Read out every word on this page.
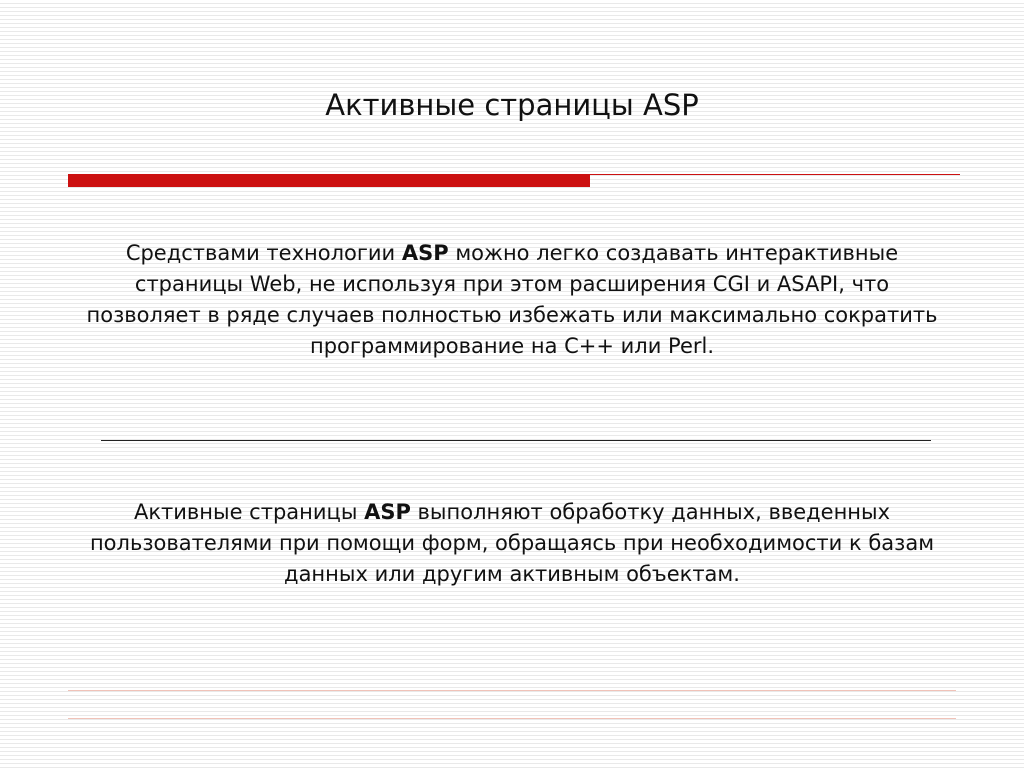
Активные страницы ASP

Средствами технологии ASP можно легко создавать интерактивные страницы Web, не используя при этом расширения CGI и ASAPI, что позволяет в ряде случаев полностью избежать или максимально сократить программирование на C++ или Perl.

Активные страницы ASP выполняют обработку данных, введенных пользователями при помощи форм, обращаясь при необходимости к базам данных или другим активным объектам.
